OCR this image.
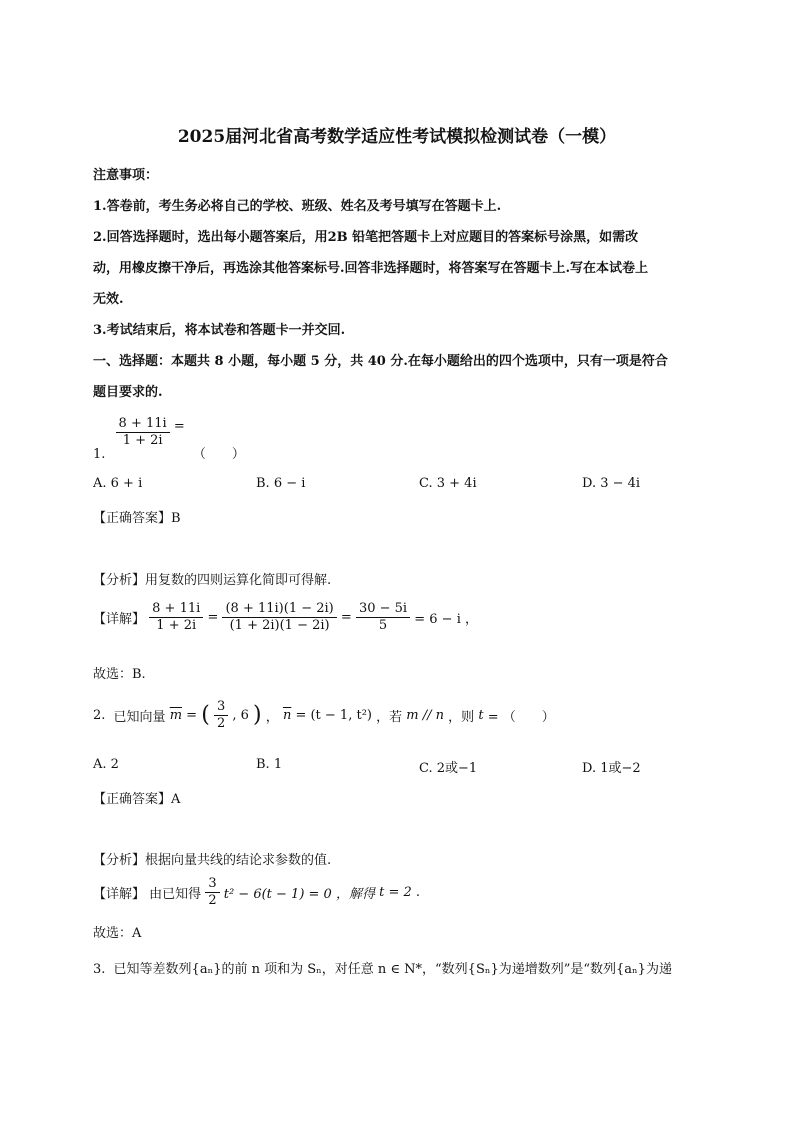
2025届河北省高考数学适应性考试模拟检测试卷（一模）
注意事项：
1.答卷前，考生务必将自己的学校、班级、姓名及考号填写在答题卡上.
2.回答选择题时，选出每小题答案后，用2B 铅笔把答题卡上对应题目的答案标号涂黑，如需改
动，用橡皮擦干净后，再选涂其他答案标号.回答非选择题时，将答案写在答题卡上.写在本试卷上
无效.
3.考试结束后，将本试卷和答题卡一并交回.
一、选择题：本题共 8 小题，每小题 5 分，共 40 分.在每小题给出的四个选项中，只有一项是符合
题目要求的.
1.
$\frac{8 + 11i}{1 + 2i}$ = （　　）
A. 6 + i	B. 6 − i	C. 3 + 4i	D. 3 − 4i
【正确答案】B
【分析】用复数的四则运算化简即可得解.
【详解】 $\frac{8 + 11i}{1 + 2i} = \frac{(8 + 11i)(1 - 2i)}{(1 + 2i)(1 - 2i)} = \frac{30 - 5i}{5} = 6 - i$ ，
故选：B.
2. 已知向量 $\overline{m}$ = ( $\frac{3}{2}$ , 6 ) ， $\overline{n} = (t - 1$, t²) ，若 m // n ，则 t = （　　）
A. 2	B. 1	C. 2或−1	D. 1或−2
【正确答案】A
【分析】根据向量共线的结论求参数的值.
【详解】 由已知得 $\frac{3}{2} t^2 - 6(t - 1) = 0$ ，解得 t = 2 .
故选：A
3. 已知等差数列{aₙ}的前 n 项和为 Sₙ，对任意 n ∈ N*，“数列{Sₙ}为递增数列”是“数列{aₙ}为递
